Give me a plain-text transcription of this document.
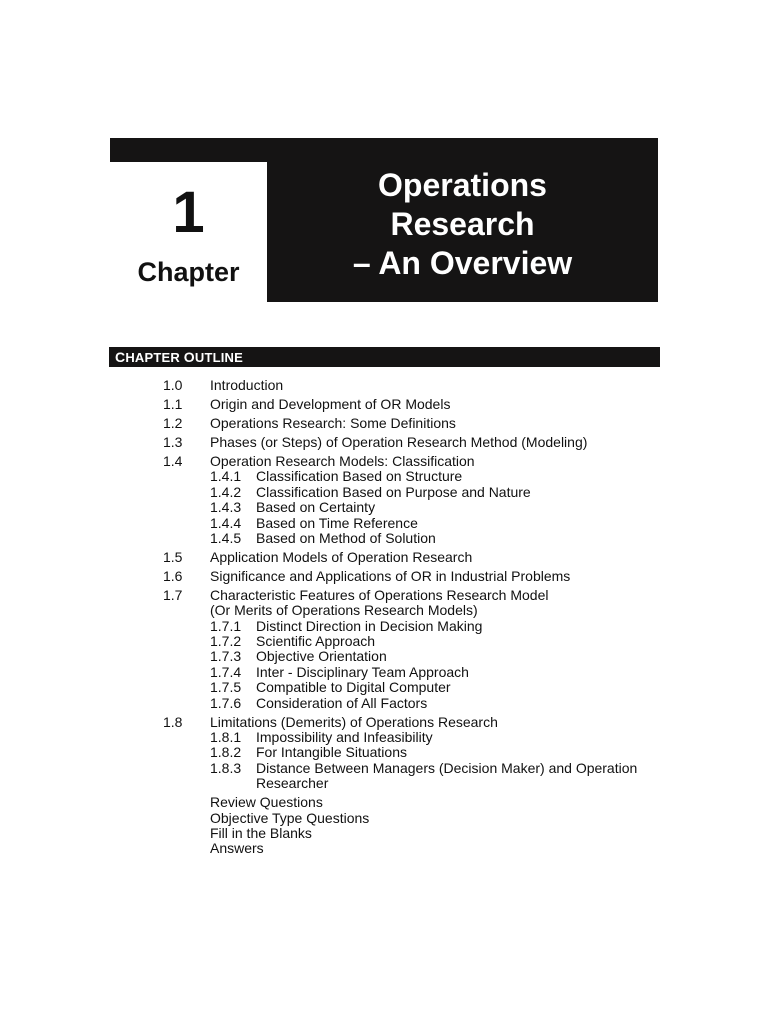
1
Chapter
Operations
Research
– An Overview
CHAPTER OUTLINE
1.0 Introduction
1.1 Origin and Development of OR Models
1.2 Operations Research: Some Definitions
1.3 Phases (or Steps) of Operation Research Method (Modeling)
1.4 Operation Research Models: Classification
1.4.1 Classification Based on Structure
1.4.2 Classification Based on Purpose and Nature
1.4.3 Based on Certainty
1.4.4 Based on Time Reference
1.4.5 Based on Method of Solution
1.5 Application Models of Operation Research
1.6 Significance and Applications of OR in Industrial Problems
1.7 Characteristic Features of Operations Research Model
(Or Merits of Operations Research Models)
1.7.1 Distinct Direction in Decision Making
1.7.2 Scientific Approach
1.7.3 Objective Orientation
1.7.4 Inter - Disciplinary Team Approach
1.7.5 Compatible to Digital Computer
1.7.6 Consideration of All Factors
1.8 Limitations (Demerits) of Operations Research
1.8.1 Impossibility and Infeasibility
1.8.2 For Intangible Situations
1.8.3 Distance Between Managers (Decision Maker) and Operation
Researcher
Review Questions
Objective Type Questions
Fill in the Blanks
Answers
